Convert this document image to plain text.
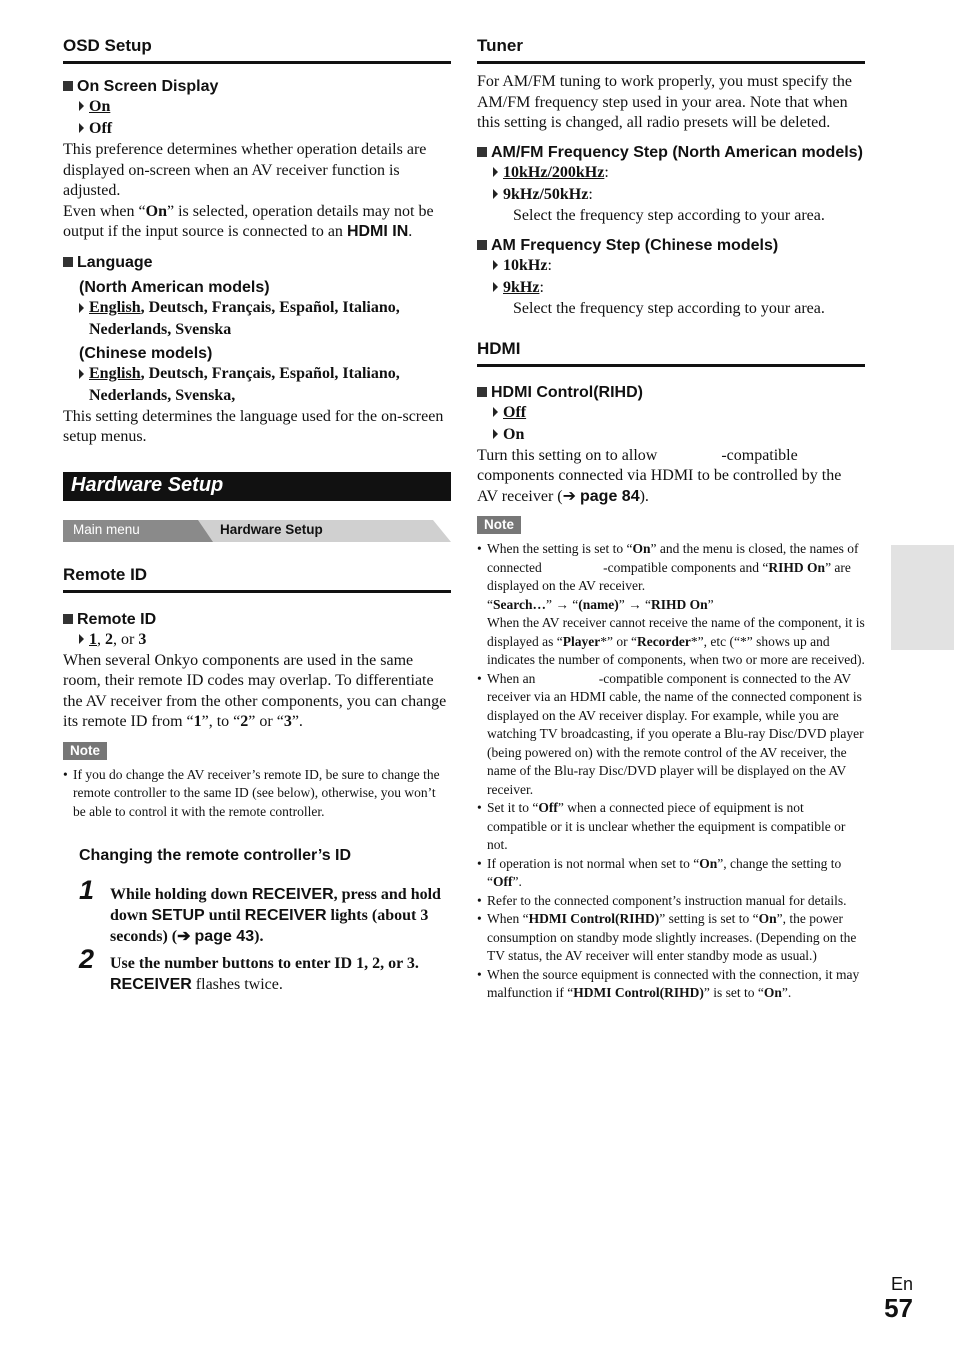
OSD Setup
On Screen Display
On
Off

This preference determines whether operation details are displayed on-screen when an AV receiver function is adjusted.

Even when “On” is selected, operation details may not be output if the input source is connected to an HDMI IN.

Language
(North American models)
English, Deutsch, Français, Español, Italiano, Nederlands, Svenska
(Chinese models)
English, Deutsch, Français, Español, Italiano, Nederlands, Svenska,

This setting determines the language used for the on-screen setup menus.

Hardware Setup
Main menu	Hardware Setup
Remote ID
Remote ID
1, 2, or 3

When several Onkyo components are used in the same room, their remote ID codes may overlap. To differentiate the AV receiver from the other components, you can change its remote ID from “1”, to “2” or “3”.

Note
• If you do change the AV receiver’s remote ID, be sure to change the remote controller to the same ID (see below), otherwise, you won’t be able to control it with the remote controller.
Changing the remote controller’s ID
1 While holding down RECEIVER, press and hold down SETUP until RECEIVER lights (about 3 seconds) (➔ page 43).
2 Use the number buttons to enter ID 1, 2, or 3.
RECEIVER flashes twice.
Tuner

For AM/FM tuning to work properly, you must specify the AM/FM frequency step used in your area. Note that when this setting is changed, all radio presets will be deleted.

AM/FM Frequency Step (North American models)
10kHz/200kHz:
9kHz/50kHz:

Select the frequency step according to your area.

AM Frequency Step (Chinese models)
10kHz:
9kHz:

Select the frequency step according to your area.

HDMI
HDMI Control(RIHD)
Off
On

Turn this setting on to allow	-compatible components connected via HDMI to be controlled by the AV receiver (➔ page 84).

Note
• When the setting is set to “On” and the menu is closed, the names of connected	-compatible components and “RIHD On” are displayed on the AV receiver.
“Search…” → “(name)” → “RIHD On”
When the AV receiver cannot receive the name of the component, it is displayed as “Player*” or “Recorder*”, etc (“*” shows up and indicates the number of components, when two or more are received).
• When an	-compatible component is connected to the AV receiver via an HDMI cable, the name of the connected component is displayed on the AV receiver display. For example, while you are watching TV broadcasting, if you operate a Blu-ray Disc/DVD player (being powered on) with the remote control of the AV receiver, the name of the Blu-ray Disc/DVD player will be displayed on the AV receiver.
• Set it to “Off” when a connected piece of equipment is not compatible or it is unclear whether the equipment is compatible or not.
• If operation is not normal when set to “On”, change the setting to “Off”.
• Refer to the connected component’s instruction manual for details.
• When “HDMI Control(RIHD)” setting is set to “On”, the power consumption on standby mode slightly increases. (Depending on the TV status, the AV receiver will enter standby mode as usual.)
• When the source equipment is connected with the connection, it may malfunction if “HDMI Control(RIHD)” is set to “On”.
En
57
